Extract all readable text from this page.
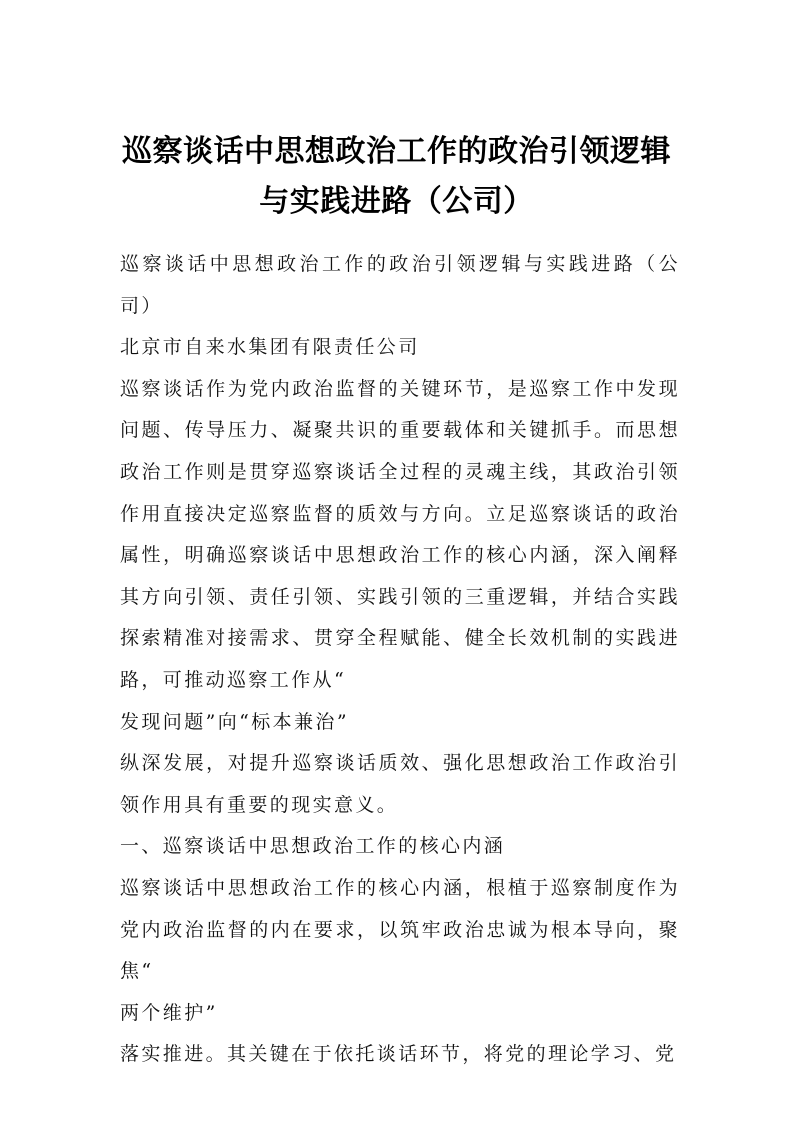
巡察谈话中思想政治工作的政治引领逻辑
与实践进路（公司）

巡察谈话中思想政治工作的政治引领逻辑与实践进路（公司）

北京市自来水集团有限责任公司

巡察谈话作为党内政治监督的关键环节，是巡察工作中发现问题、传导压力、凝聚共识的重要载体和关键抓手。而思想政治工作则是贯穿巡察谈话全过程的灵魂主线，其政治引领作用直接决定巡察监督的质效与方向。立足巡察谈话的政治属性，明确巡察谈话中思想政治工作的核心内涵，深入阐释其方向引领、责任引领、实践引领的三重逻辑，并结合实践探索精准对接需求、贯穿全程赋能、健全长效机制的实践进路，可推动巡察工作从“

发现问题”向“标本兼治”

纵深发展，对提升巡察谈话质效、强化思想政治工作政治引领作用具有重要的现实意义。

一、巡察谈话中思想政治工作的核心内涵

巡察谈话中思想政治工作的核心内涵，根植于巡察制度作为党内政治监督的内在要求，以筑牢政治忠诚为根本导向，聚焦“

两个维护”

落实推进。其关键在于依托谈话环节，将党的理论学习、党
